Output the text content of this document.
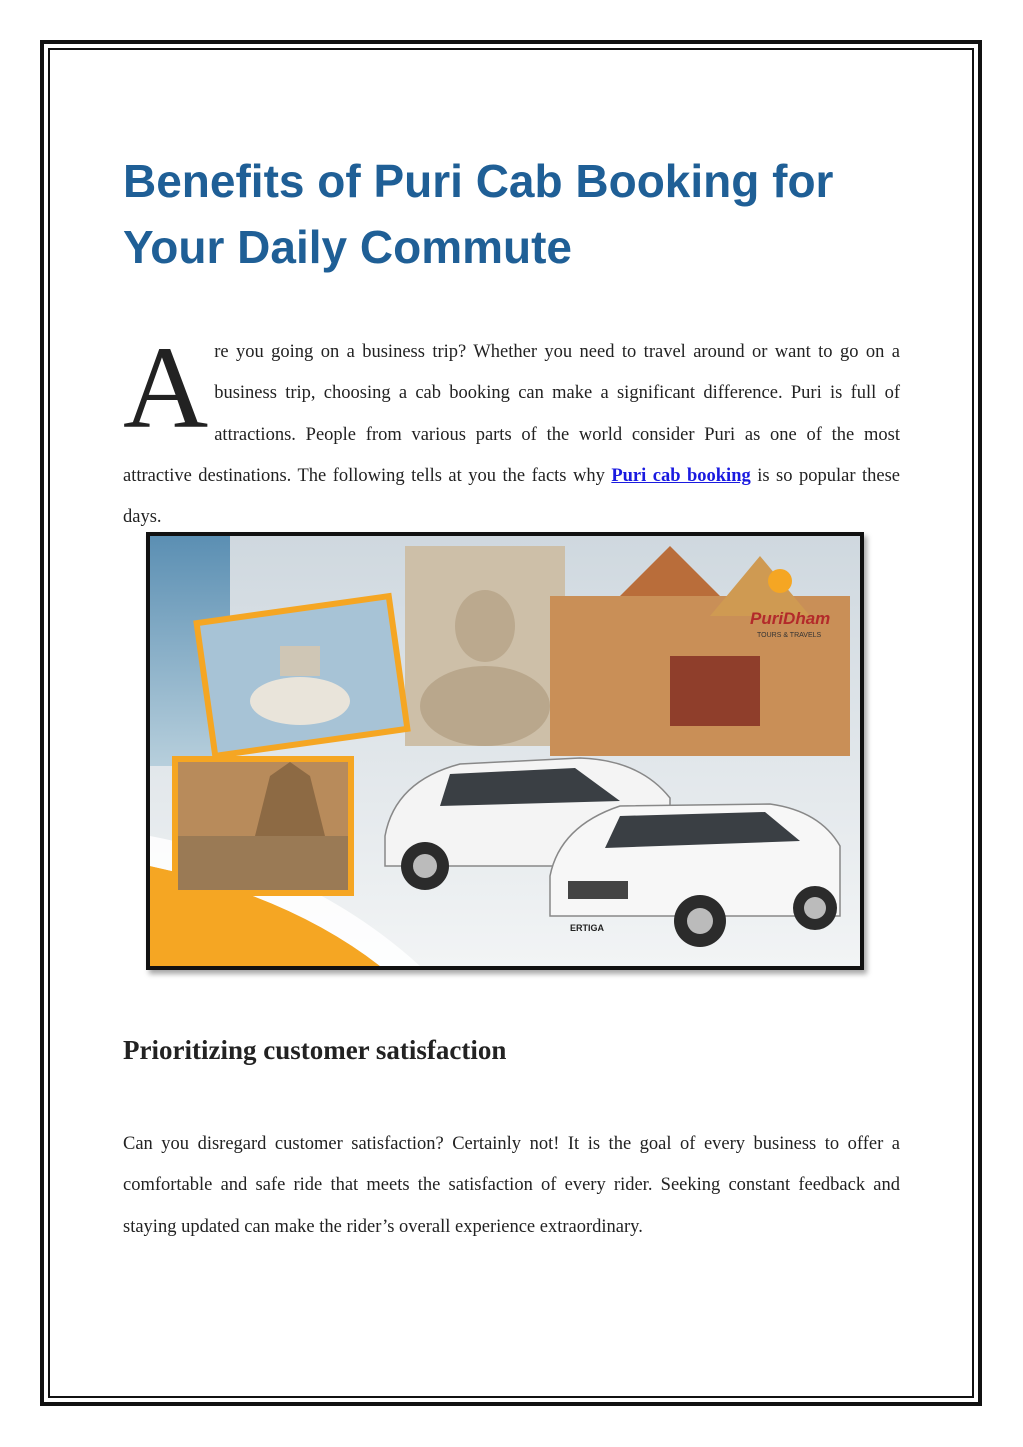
Benefits of Puri Cab Booking for Your Daily Commute
A re you going on a business trip? Whether you need to travel around or want to go on a business trip, choosing a cab booking can make a significant difference. Puri is full of attractions. People from various parts of the world consider Puri as one of the most attractive destinations. The following tells at you the facts why Puri cab booking is so popular these days.

PuriDham
TOURS & TRAVELS
ERTIGA
Prioritizing customer satisfaction

Can you disregard customer satisfaction? Certainly not! It is the goal of every business to offer a comfortable and safe ride that meets the satisfaction of every rider. Seeking constant feedback and staying updated can make the rider’s overall experience extraordinary.
